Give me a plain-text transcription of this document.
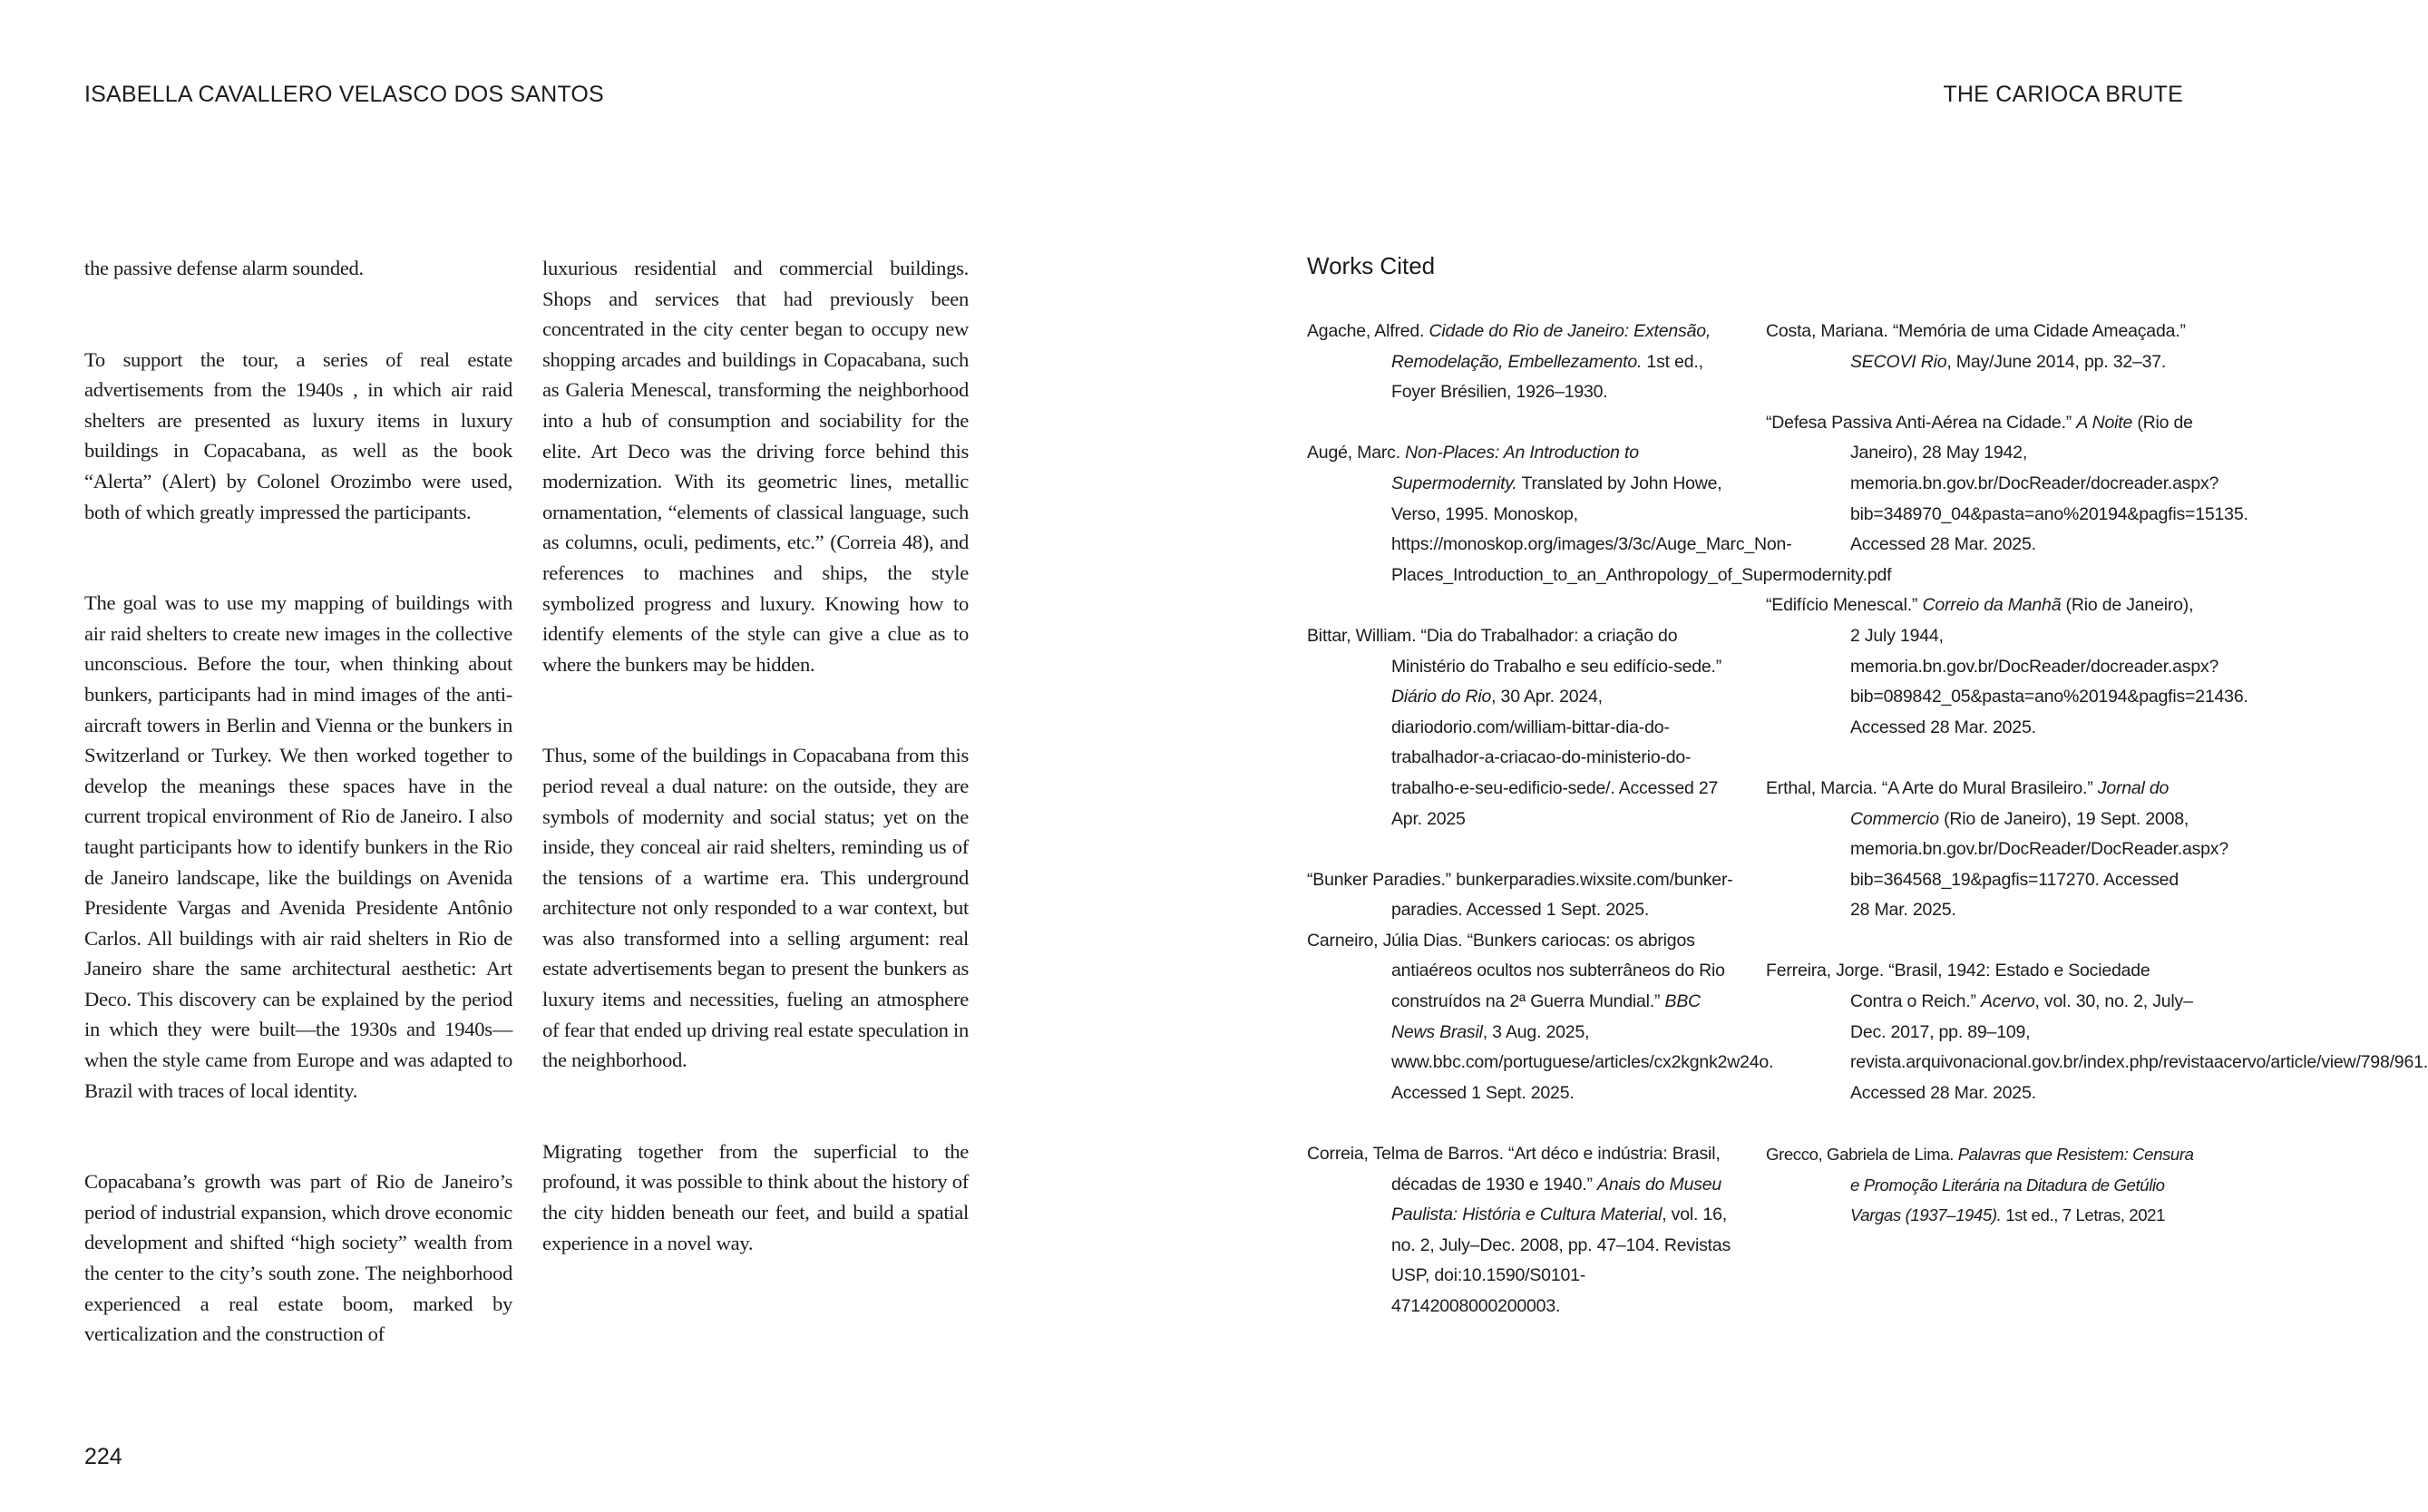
ISABELLA CAVALLERO VELASCO DOS SANTOS	THE CARIOCA BRUTE

the passive defense alarm sounded.

To support the tour, a series of real estate advertisements from the 1940s , in which air raid shelters are presented as luxury items in luxury buildings in Copacabana, as well as the book “Alerta” (Alert) by Colonel Orozimbo were used, both of which greatly impressed the participants.

The goal was to use my mapping of buildings with air raid shelters to create new images in the collective unconscious. Before the tour, when thinking about bunkers, participants had in mind images of the anti-aircraft towers in Berlin and Vienna or the bunkers in Switzerland or Turkey. We then worked together to develop the meanings these spaces have in the current tropical environment of Rio de Janeiro. I also taught participants how to identify bunkers in the Rio de Janeiro landscape, like the buildings on Avenida Presidente Vargas and Avenida Presidente Antônio Carlos. All buildings with air raid shelters in Rio de Janeiro share the same architectural aesthetic: Art Deco. This discovery can be explained by the period in which they were built—the 1930s and 1940s—when the style came from Europe and was adapted to Brazil with traces of local identity.

Copacabana’s growth was part of Rio de Janeiro’s period of industrial expansion, which drove economic development and shifted “high society” wealth from the center to the city’s south zone. The neighborhood experienced a real estate boom, marked by verticalization and the construction of

luxurious residential and commercial buildings. Shops and services that had previously been concentrated in the city center began to occupy new shopping arcades and buildings in Copacabana, such as Galeria Menescal, transforming the neighborhood into a hub of consumption and sociability for the elite. Art Deco was the driving force behind this modernization. With its geometric lines, metallic ornamentation, “elements of classical language, such as columns, oculi, pediments, etc.” (Correia 48), and references to machines and ships, the style symbolized progress and luxury. Knowing how to identify elements of the style can give a clue as to where the bunkers may be hidden.

Thus, some of the buildings in Copacabana from this period reveal a dual nature: on the outside, they are symbols of modernity and social status; yet on the inside, they conceal air raid shelters, reminding us of the tensions of a wartime era. This underground architecture not only responded to a war context, but was also transformed into a selling argument: real estate advertisements began to present the bunkers as luxury items and necessities, fueling an atmosphere of fear that ended up driving real estate speculation in the neighborhood.

Migrating together from the superficial to the profound, it was possible to think about the history of the city hidden beneath our feet, and build a spatial experience in a novel way.

Works Cited
Agache, Alfred. Cidade do Rio de Janeiro: Extensão, Remodelação, Embellezamento. 1st ed., Foyer Brésilien, 1926–1930.
Augé, Marc. Non-Places: An Introduction to Supermodernity. Translated by John Howe, Verso, 1995. Monoskop, https://monoskop.org/images/3/3c/Auge_Marc_Non-Places_Introduction_to_an_Anthropology_of_Supermodernity.pdf
Bittar, William. “Dia do Trabalhador: a criação do Ministério do Trabalho e seu edifício-sede.” Diário do Rio, 30 Apr. 2024, diariodorio.com/william-bittar-dia-do-trabalhador-a-criacao-do-ministerio-do-trabalho-e-seu-edificio-sede/. Accessed 27 Apr. 2025
“Bunker Paradies.” bunkerparadies.wixsite.com/bunker-paradies. Accessed 1 Sept. 2025.
Carneiro, Júlia Dias. “Bunkers cariocas: os abrigos antiaéreos ocultos nos subterrâneos do Rio construídos na 2ª Guerra Mundial.” BBC News Brasil, 3 Aug. 2025, www.bbc.com/portuguese/articles/cx2kgnk2w24o. Accessed 1 Sept. 2025.
Correia, Telma de Barros. “Art déco e indústria: Brasil, décadas de 1930 e 1940.” Anais do Museu Paulista: História e Cultura Material, vol. 16, no. 2, July–Dec. 2008, pp. 47–104. Revistas USP, doi:10.1590/S0101-47142008000200003.
Costa, Mariana. “Memória de uma Cidade Ameaçada.” SECOVI Rio, May/June 2014, pp. 32–37.
“Defesa Passiva Anti-Aérea na Cidade.” A Noite (Rio de Janeiro), 28 May 1942, memoria.bn.gov.br/DocReader/docreader.aspx?bib=348970_04&pasta=ano%20194&pagfis=15135. Accessed 28 Mar. 2025.
“Edifício Menescal.” Correio da Manhã (Rio de Janeiro), 2 July 1944, memoria.bn.gov.br/DocReader/docreader.aspx?bib=089842_05&pasta=ano%20194&pagfis=21436. Accessed 28 Mar. 2025.
Erthal, Marcia. “A Arte do Mural Brasileiro.” Jornal do Commercio (Rio de Janeiro), 19 Sept. 2008, memoria.bn.gov.br/DocReader/DocReader.aspx?bib=364568_19&pagfis=117270. Accessed 28 Mar. 2025.
Ferreira, Jorge. “Brasil, 1942: Estado e Sociedade Contra o Reich.” Acervo, vol. 30, no. 2, July–Dec. 2017, pp. 89–109, revista.arquivonacional.gov.br/index.php/revistaacervo/article/view/798/961. Accessed 28 Mar. 2025.
Grecco, Gabriela de Lima. Palavras que Resistem: Censura e Promoção Literária na Ditadura de Getúlio Vargas (1937–1945). 1st ed., 7 Letras, 2021
224
